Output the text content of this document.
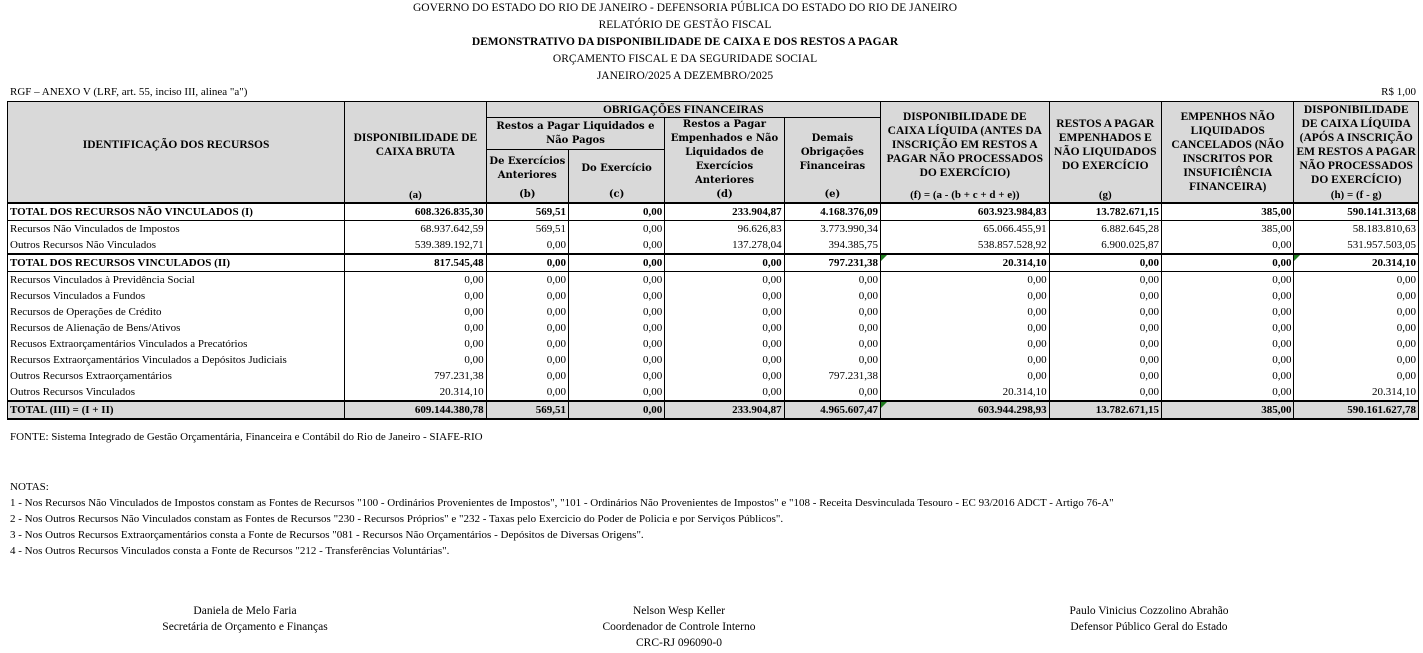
GOVERNO DO ESTADO DO RIO DE JANEIRO - DEFENSORIA PÚBLICA DO ESTADO DO RIO DE JANEIRO
RELATÓRIO DE GESTÃO FISCAL
DEMONSTRATIVO DA DISPONIBILIDADE DE CAIXA E DOS RESTOS A PAGAR
ORÇAMENTO FISCAL E DA SEGURIDADE SOCIAL
JANEIRO/2025 A DEZEMBRO/2025
RGF – ANEXO V (LRF, art. 55, inciso III, alinea "a")	R$ 1,00
IDENTIFICAÇÃO DOS RECURSOS	DISPONIBILIDADE DE CAIXA BRUTA	OBRIGAÇÕES FINANCEIRAS				DISPONIBILIDADE DE CAIXA LÍQUIDA (ANTES DA INSCRIÇÃO EM RESTOS A PAGAR NÃO PROCESSADOS DO EXERCÍCIO)	RESTOS A PAGAR EMPENHADOS E NÃO LIQUIDADOS DO EXERCÍCIO	EMPENHOS NÃO LIQUIDADOS CANCELADOS (NÃO INSCRITOS POR INSUFICIÊNCIA FINANCEIRA)	DISPONIBILIDADE DE CAIXA LÍQUIDA (APÓS A INSCRIÇÃO EM RESTOS A PAGAR NÃO PROCESSADOS DO EXERCÍCIO)
		Restos a Pagar Liquidados e Não Pagos		Restos a Pagar Empenhados e Não Liquidados de Exercícios Anteriores	Demais Obrigações Financeiras				
		De Exercícios Anteriores	Do Exercício						
	(a)	(b)	(c)	(d)	(e)	(f) = (a - (b + c + d + e))	(g)		(h) = (f - g)
TOTAL DOS RECURSOS NÃO VINCULADOS (I)	608.326.835,30	569,51	0,00	233.904,87	4.168.376,09	603.923.984,83	13.782.671,15	385,00	590.141.313,68
Recursos Não Vinculados de Impostos	68.937.642,59	569,51	0,00	96.626,83	3.773.990,34	65.066.455,91	6.882.645,28	385,00	58.183.810,63
Outros Recursos Não Vinculados	539.389.192,71	0,00	0,00	137.278,04	394.385,75	538.857.528,92	6.900.025,87	0,00	531.957.503,05
TOTAL DOS RECURSOS VINCULADOS (II)	817.545,48	0,00	0,00	0,00	797.231,38	20.314,10	0,00	0,00	20.314,10
Recursos Vinculados à Previdência Social	0,00	0,00	0,00	0,00	0,00	0,00	0,00	0,00	0,00
Recursos Vinculados a Fundos	0,00	0,00	0,00	0,00	0,00	0,00	0,00	0,00	0,00
Recursos de Operações de Crédito	0,00	0,00	0,00	0,00	0,00	0,00	0,00	0,00	0,00
Recursos de Alienação de Bens/Ativos	0,00	0,00	0,00	0,00	0,00	0,00	0,00	0,00	0,00
Recusos Extraorçamentários Vinculados a Precatórios	0,00	0,00	0,00	0,00	0,00	0,00	0,00	0,00	0,00
Recursos Extraorçamentários Vinculados a Depósitos Judiciais	0,00	0,00	0,00	0,00	0,00	0,00	0,00	0,00	0,00
Outros Recursos Extraorçamentários	797.231,38	0,00	0,00	0,00	797.231,38	0,00	0,00	0,00	0,00
Outros Recursos Vinculados	20.314,10	0,00	0,00	0,00	0,00	20.314,10	0,00	0,00	20.314,10
TOTAL (III) = (I + II)	609.144.380,78	569,51	0,00	233.904,87	4.965.607,47	603.944.298,93	13.782.671,15	385,00	590.161.627,78
FONTE: Sistema Integrado de Gestão Orçamentária, Financeira e Contábil do Rio de Janeiro - SIAFE-RIO
NOTAS:
1 - Nos Recursos Não Vinculados de Impostos constam as Fontes de Recursos "100 - Ordinários Provenientes de Impostos", "101 - Ordinários Não Provenientes de Impostos" e "108 - Receita Desvinculada Tesouro - EC 93/2016 ADCT - Artigo 76-A"
2 - Nos Outros Recursos Não Vinculados constam as Fontes de Recursos "230 - Recursos Próprios" e "232 - Taxas pelo Exercicio do Poder de Policia e por Serviços Públicos".
3 - Nos Outros Recursos Extraorçamentários consta a Fonte de Recursos "081 - Recursos Não Orçamentários - Depósitos de Diversas Origens".
4 - Nos Outros Recursos Vinculados consta a Fonte de Recursos "212 - Transferências Voluntárias".
Daniela de Melo Faria
Secretária de Orçamento e Finanças
Nelson Wesp Keller
Coordenador de Controle Interno
CRC-RJ 096090-0
Paulo Vinicius Cozzolino Abrahão
Defensor Público Geral do Estado
